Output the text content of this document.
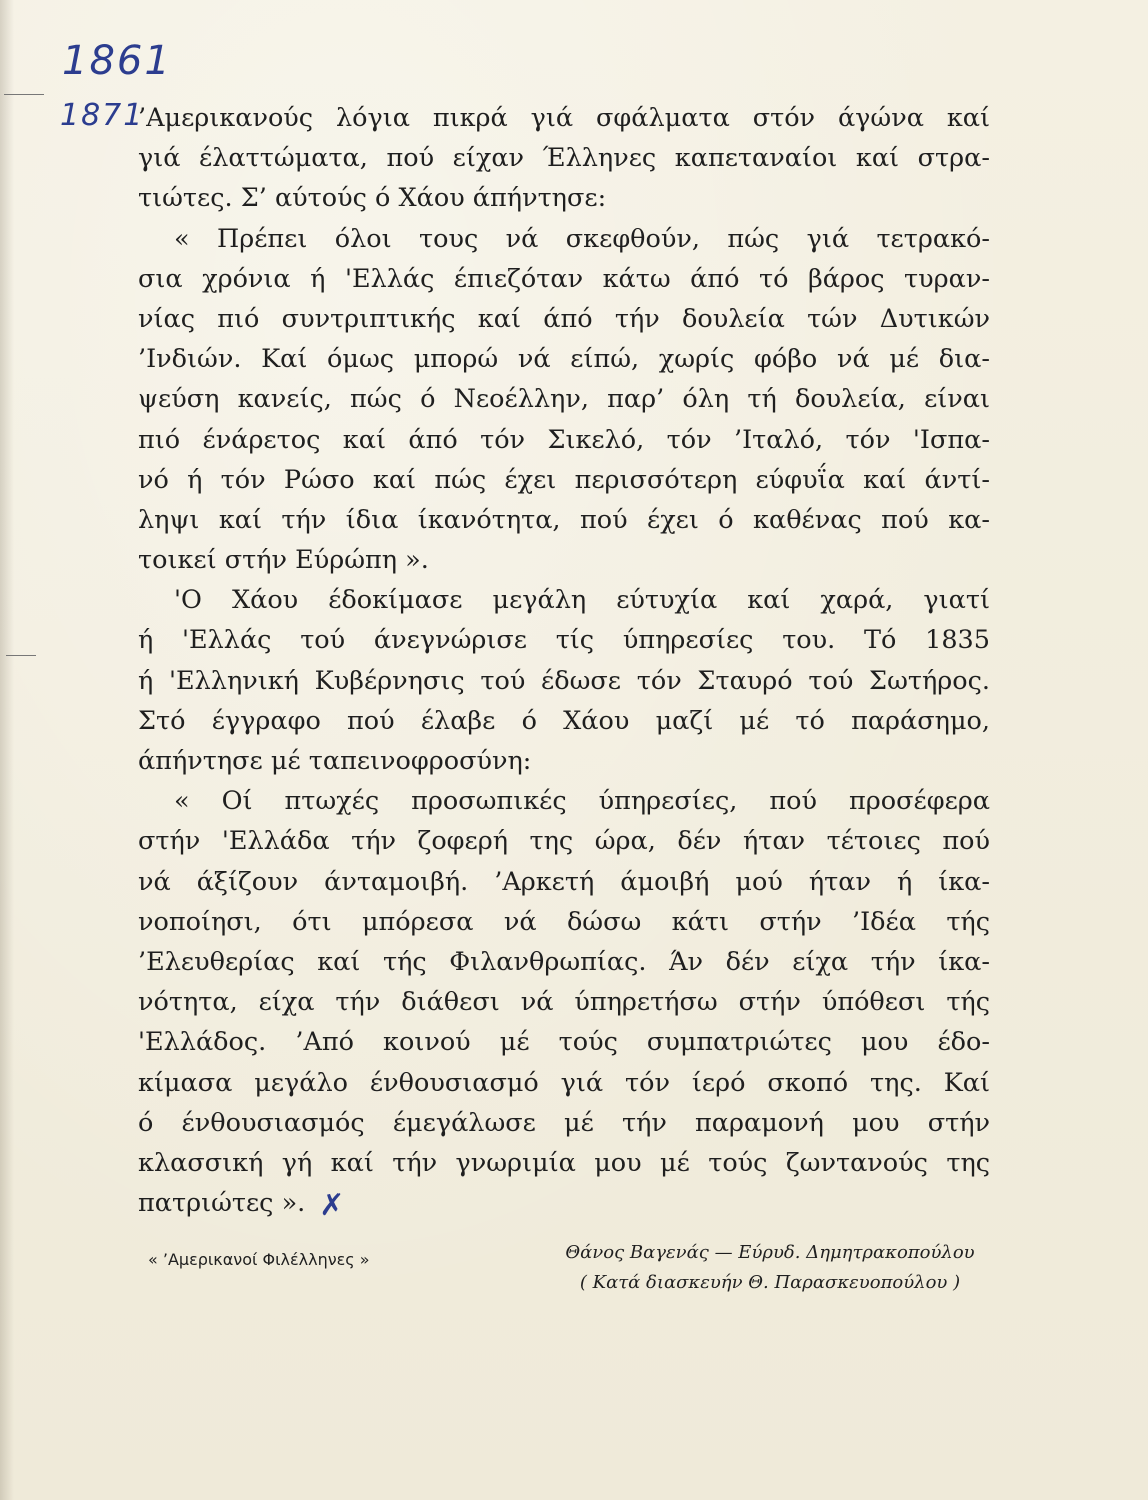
1861
1871
’Αμερικανούς λόγια πικρά γιά σφάλματα στόν άγώνα καί
γιά έλαττώματα, πού είχαν Έλληνες καπεταναίοι καί στρα-
τιώτες. Σ’ αύτούς ό Χάου άπήντησε:
« Πρέπει όλοι τους νά σκεφθούν, πώς γιά τετρακό-
σια χρόνια ή 'Ελλάς έπιεζόταν κάτω άπό τό βάρος τυραν-
νίας πιό συντριπτικής καί άπό τήν δουλεία τών Δυτικών
’Ινδιών. Καί όμως μπορώ νά είπώ, χωρίς φόβο νά μέ δια-
ψεύση κανείς, πώς ό Νεοέλλην, παρ’ όλη τή δουλεία, είναι
πιό ένάρετος καί άπό τόν Σικελό, τόν ’Ιταλό, τόν 'Ισπα-
νό ή τόν Ρώσο καί πώς έχει περισσότερη εύφυΐα καί άντί-
ληψι καί τήν ίδια ίκανότητα, πού έχει ό καθένας πού κα-
τοικεί στήν Εύρώπη ».
'Ο Χάου έδοκίμασε μεγάλη εύτυχία καί χαρά, γιατί
ή 'Ελλάς τού άνεγνώρισε τίς ύπηρεσίες του. Τό 1835
ή 'Ελληνική Κυβέρνησις τού έδωσε τόν Σταυρό τού Σωτήρος.
Στό έγγραφο πού έλαβε ό Χάου μαζί μέ τό παράσημο,
άπήντησε μέ ταπεινοφροσύνη:
« Οί πτωχές προσωπικές ύπηρεσίες, πού προσέφερα
στήν 'Ελλάδα τήν ζοφερή της ώρα, δέν ήταν τέτοιες πού
νά άξίζουν άνταμοιβή. ’Αρκετή άμοιβή μού ήταν ή ίκα-
νοποίησι, ότι μπόρεσα νά δώσω κάτι στήν ’Ιδέα τής
’Ελευθερίας καί τής Φιλανθρωπίας. Άν δέν είχα τήν ίκα-
νότητα, είχα τήν διάθεσι νά ύπηρετήσω στήν ύπόθεσι τής
'Ελλάδος. ’Από κοινού μέ τούς συμπατριώτες μου έδο-
κίμασα μεγάλο ένθουσιασμό γιά τόν ίερό σκοπό της. Καί
ό ένθουσιασμός έμεγάλωσε μέ τήν παραμονή μου στήν
κλασσική γή καί τήν γνωριμία μου μέ τούς ζωντανούς της
πατριώτες ». ✗
« ’Αμερικανοί Φιλέλληνες »	Θάνος Βαγενάς — Εύρυδ. Δημητρακοπούλου
( Κατά διασκευήν Θ. Παρασκευοπούλου )
